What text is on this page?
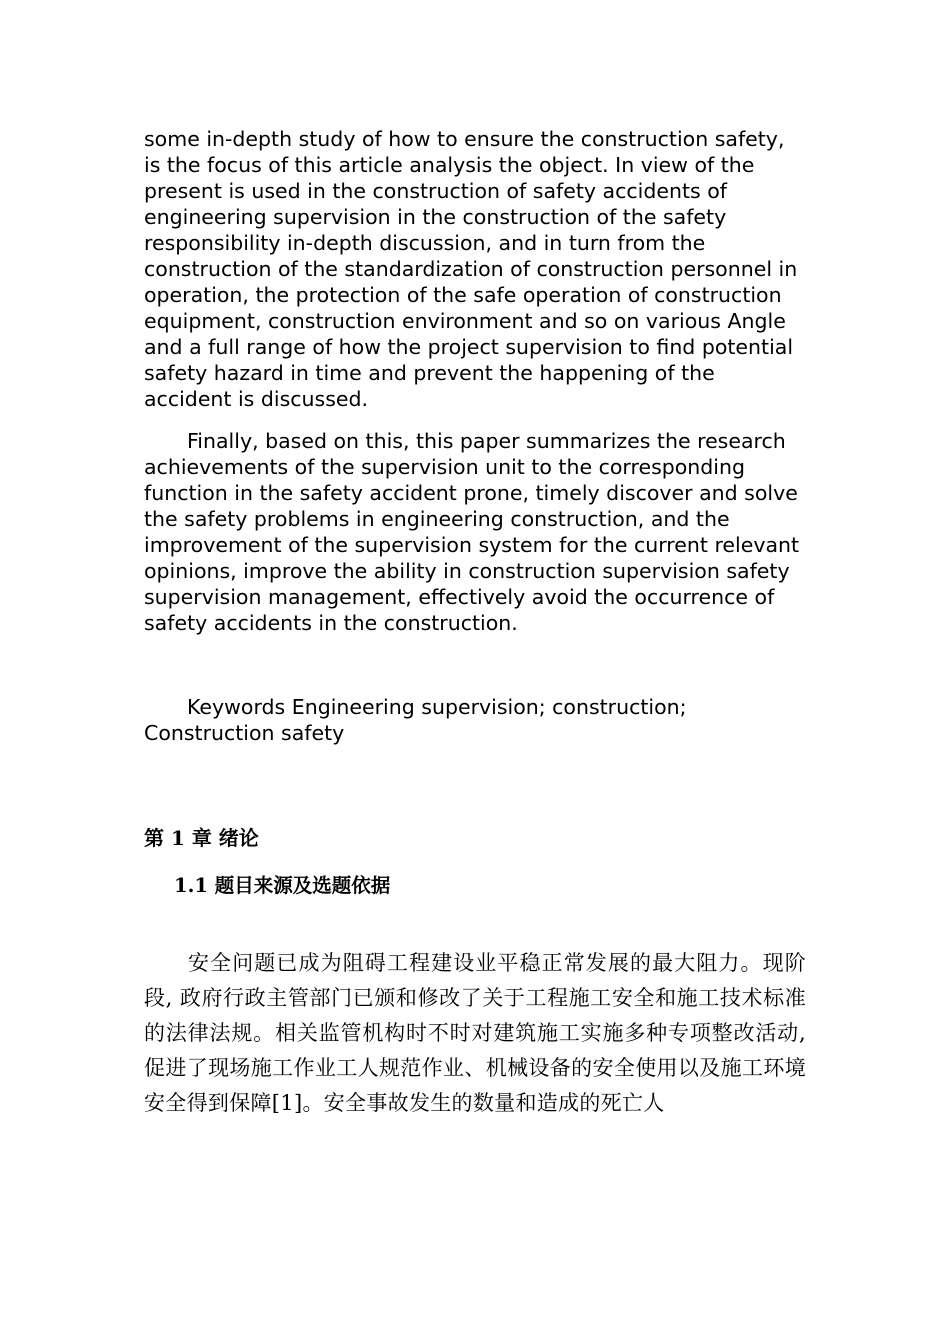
some in-depth study of how to ensure the construction safety, is the focus of this article analysis the object. In view of the present is used in the construction of safety accidents of engineering supervision in the construction of the safety responsibility in-depth discussion, and in turn from the construction of the standardization of construction personnel in operation, the protection of the safe operation of construction equipment, construction environment and so on various Angle and a full range of how the project supervision to find potential safety hazard in time and prevent the happening of the accident is discussed.

Finally, based on this, this paper summarizes the research achievements of the supervision unit to the corresponding function in the safety accident prone, timely discover and solve the safety problems in engineering construction, and the improvement of the supervision system for the current relevant opinions, improve the ability in construction supervision safety supervision management, effectively avoid the occurrence of safety accidents in the construction.

Keywords Engineering supervision; construction; Construction safety

第 1 章 绪论
1.1 题目来源及选题依据

安全问题已成为阻碍工程建设业平稳正常发展的最大阻力。现阶段, 政府行政主管部门已颁和修改了关于工程施工安全和施工技术标准的法律法规。相关监管机构时不时对建筑施工实施多种专项整改活动, 促进了现场施工作业工人规范作业、机械设备的安全使用以及施工环境安全得到保障[1]。安全事故发生的数量和造成的死亡人
